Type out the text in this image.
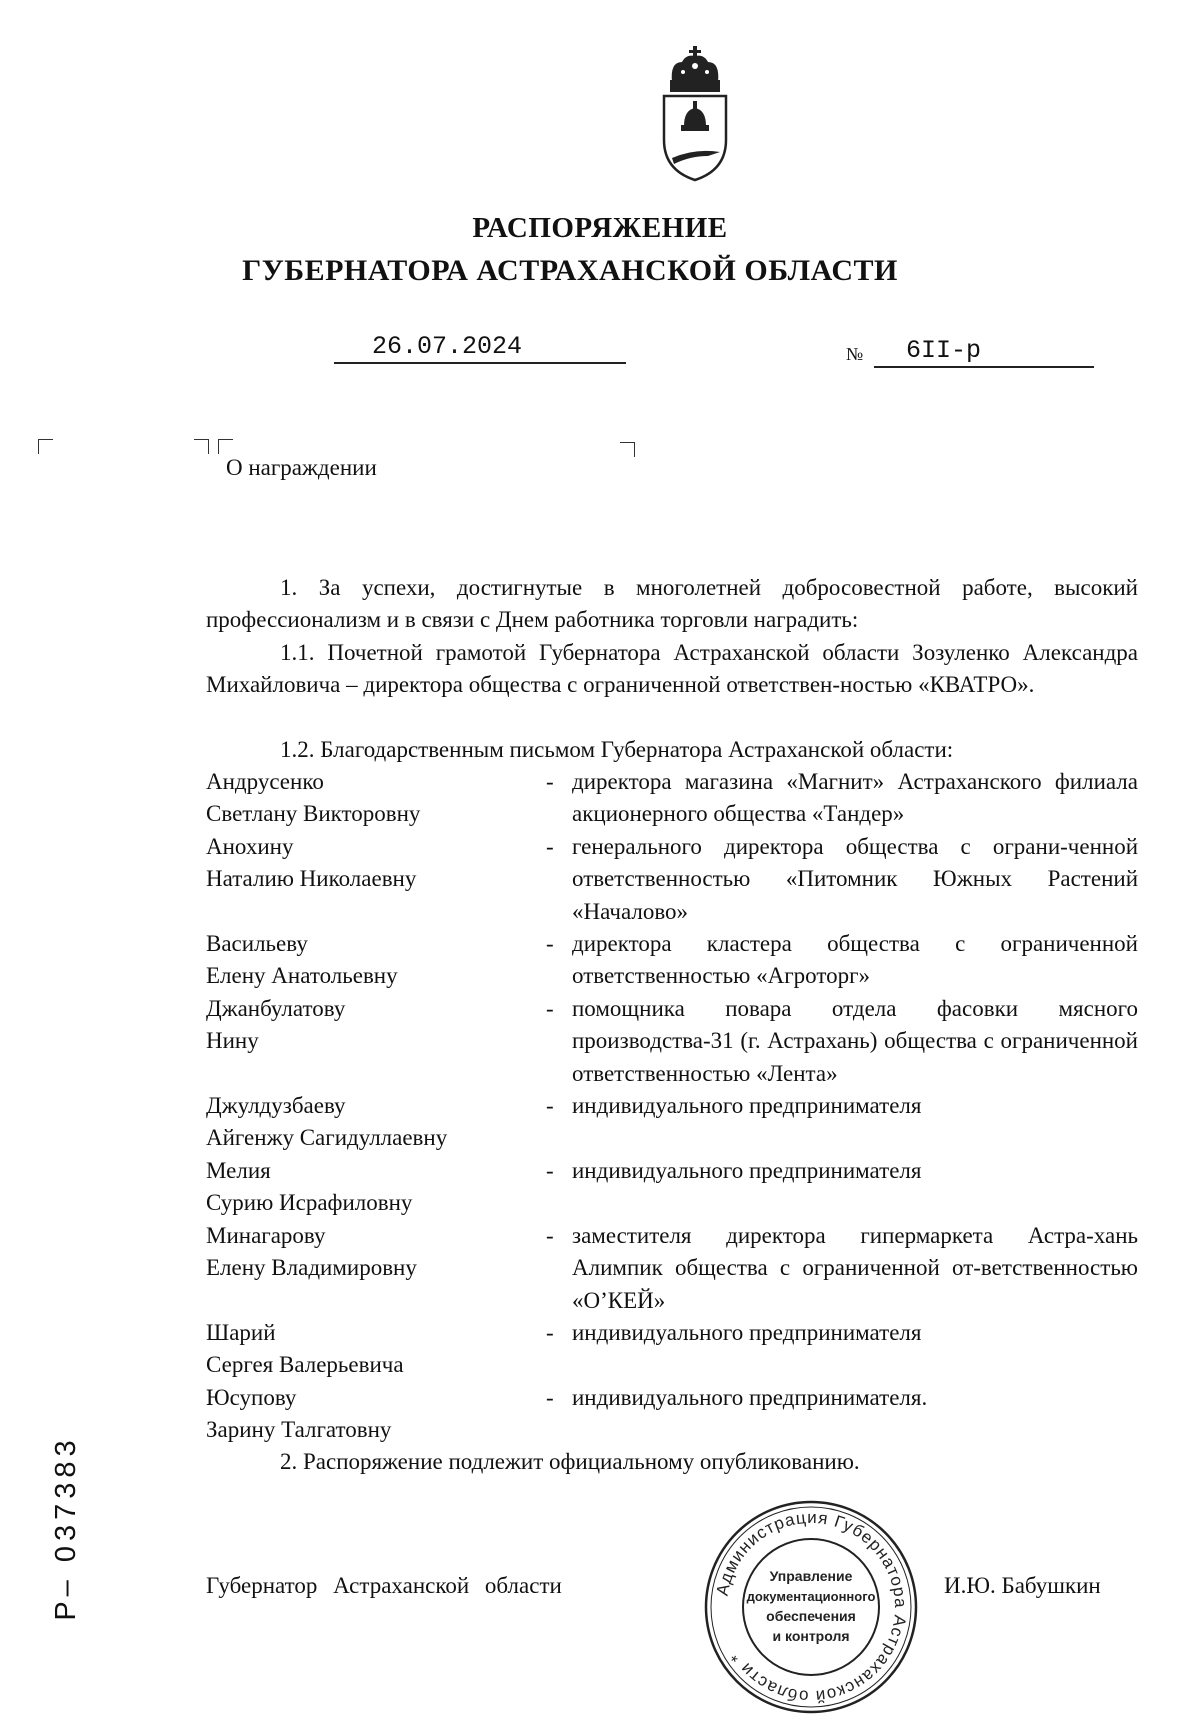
РАСПОРЯЖЕНИЕ
ГУБЕРНАТОРА АСТРАХАНСКОЙ ОБЛАСТИ
26.07.2024	№ 6II-р
О награждении
1. За успехи, достигнутые в многолетней добросовестной работе, высокий профессионализм и в связи с Днем работника торговли наградить:
1.1. Почетной грамотой Губернатора Астраханской области Зозуленко Александра Михайловича – директора общества с ограниченной ответствен-ностью «КВАТРО».
1.2. Благодарственным письмом Губернатора Астраханской области:
Андрусенко
Светлану Викторовну
- директора магазина «Магнит» Астраханского филиала акционерного общества «Тандер»
Анохину
Наталию Николаевну
- генерального директора общества с ограни-ченной ответственностью «Питомник Южных Растений «Началово»
Васильеву
Елену Анатольевну
- директора кластера общества с ограниченной ответственностью «Агроторг»
Джанбулатову
Нину
- помощника повара отдела фасовки мясного производства-31 (г. Астрахань) общества с ограниченной ответственностью «Лента»
Джулдузбаеву
Айгенжу Сагидуллаевну
- индивидуального предпринимателя
Мелия
Сурию Исрафиловну
- индивидуального предпринимателя
Минагарову
Елену Владимировну
- заместителя директора гипермаркета Астра-хань Алимпик общества с ограниченной от-ветственностью «О’КЕЙ»
Шарий
Сергея Валерьевича
- индивидуального предпринимателя
Юсупову
Зарину Талгатовну
- индивидуального предпринимателя.
2. Распоряжение подлежит официальному опубликованию.
Губернатор Астраханской области	И.Ю. Бабушкин
Администрация Губернатора Астраханской области *
Управление
документационного
обеспечения
и контроля
Р– 037383
